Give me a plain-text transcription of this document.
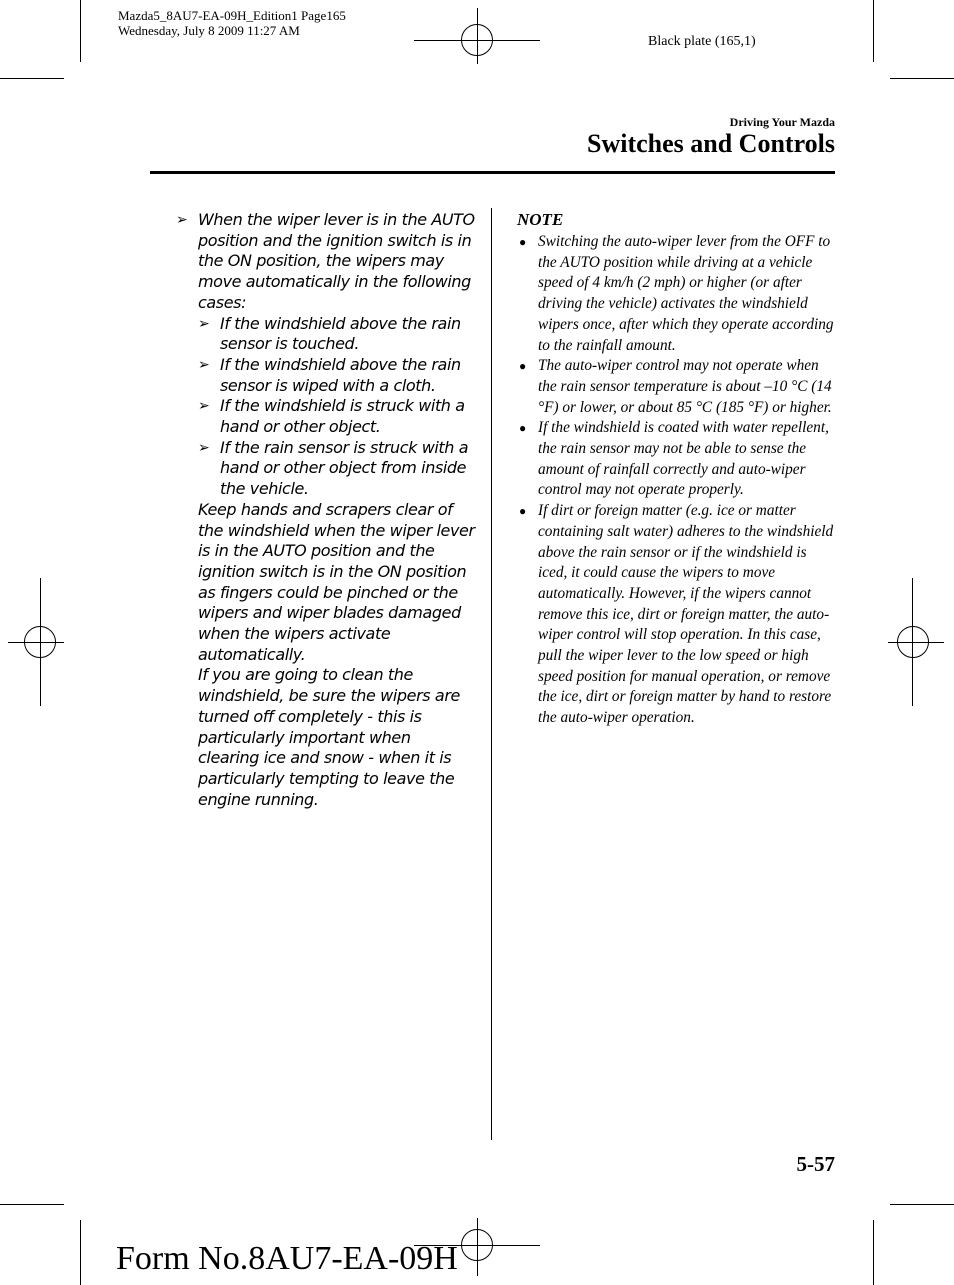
Mazda5_8AU7-EA-09H_Edition1 Page165
Wednesday, July 8 2009 11:27 AM
Black plate (165,1)
Driving Your Mazda
Switches and Controls
➢ When the wiper lever is in the AUTO position and the ignition switch is in the ON position, the wipers may move automatically in the following cases:
➢ If the windshield above the rain sensor is touched.
➢ If the windshield above the rain sensor is wiped with a cloth.
➢ If the windshield is struck with a hand or other object.
➢ If the rain sensor is struck with a hand or other object from inside the vehicle.
Keep hands and scrapers clear of the windshield when the wiper lever is in the AUTO position and the ignition switch is in the ON position as fingers could be pinched or the wipers and wiper blades damaged when the wipers activate automatically.
If you are going to clean the windshield, be sure the wipers are turned off completely - this is particularly important when clearing ice and snow - when it is particularly tempting to leave the engine running.
NOTE
● Switching the auto-wiper lever from the OFF to the AUTO position while driving at a vehicle speed of 4 km/h (2 mph) or higher (or after driving the vehicle) activates the windshield wipers once, after which they operate according to the rainfall amount.
● The auto-wiper control may not operate when the rain sensor temperature is about –10 °C (14 °F) or lower, or about 85 °C (185 °F) or higher.
● If the windshield is coated with water repellent, the rain sensor may not be able to sense the amount of rainfall correctly and auto-wiper control may not operate properly.
● If dirt or foreign matter (e.g. ice or matter containing salt water) adheres to the windshield above the rain sensor or if the windshield is iced, it could cause the wipers to move automatically. However, if the wipers cannot remove this ice, dirt or foreign matter, the auto-wiper control will stop operation. In this case, pull the wiper lever to the low speed or high speed position for manual operation, or remove the ice, dirt or foreign matter by hand to restore the auto-wiper operation.
5-57
Form No.8AU7-EA-09H
